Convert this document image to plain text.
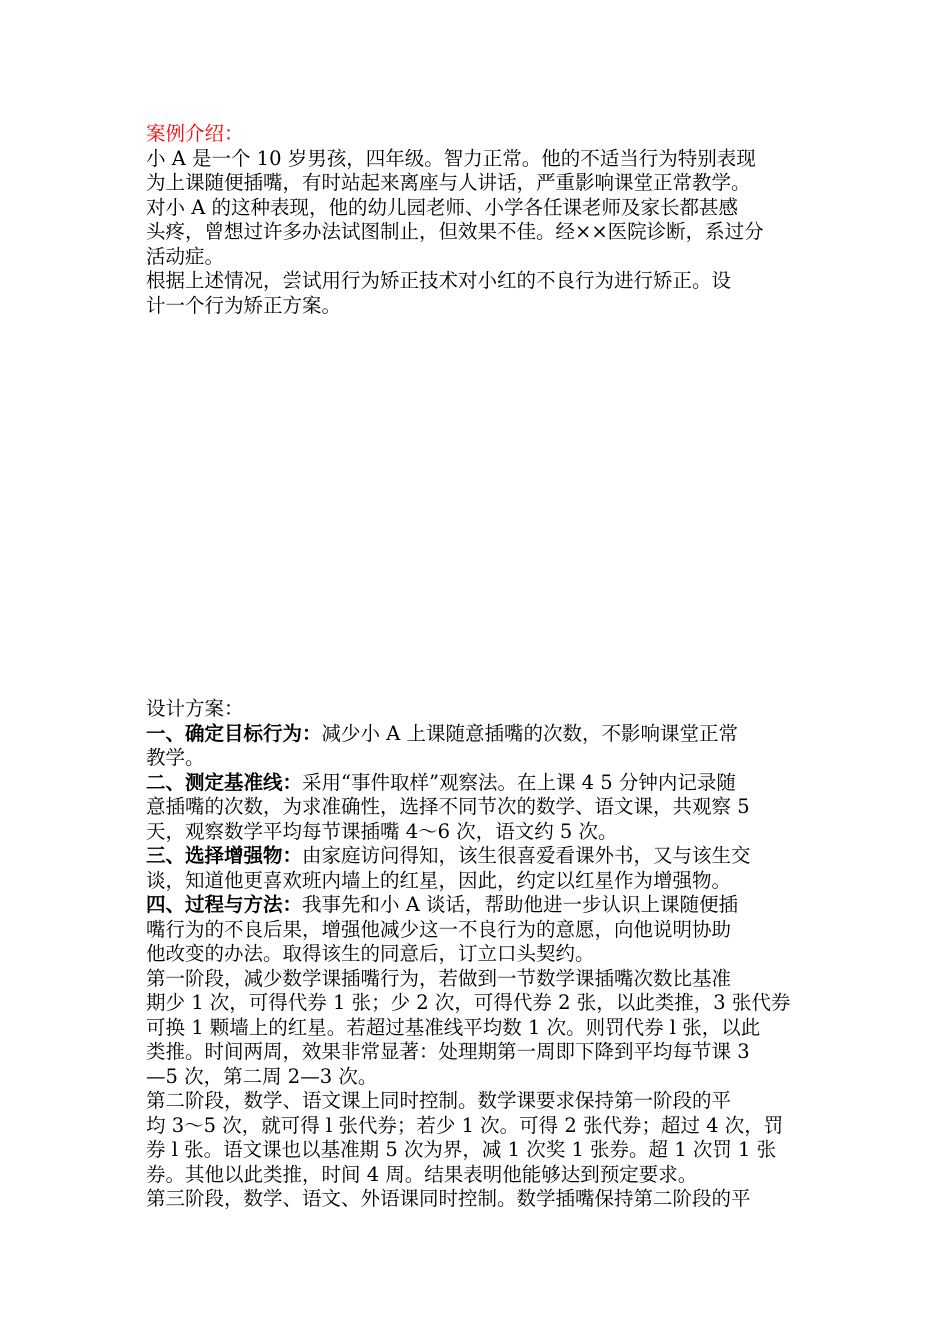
案例介绍：
小 A 是一个 10 岁男孩，四年级。智力正常。他的不适当行为特别表现
为上课随便插嘴，有时站起来离座与人讲话，严重影响课堂正常教学。
对小 A 的这种表现，他的幼儿园老师、小学各任课老师及家长都甚感
头疼，曾想过许多办法试图制止，但效果不佳。经××医院诊断，系过分
活动症。
根据上述情况，尝试用行为矫正技术对小红的不良行为进行矫正。设
计一个行为矫正方案。
设计方案：
一、确定目标行为：减少小 A 上课随意插嘴的次数，不影响课堂正常
教学。
二、测定基准线：采用“事件取样”观察法。在上课 4 5 分钟内记录随
意插嘴的次数，为求准确性，选择不同节次的数学、语文课，共观察 5
天，观察数学平均每节课插嘴 4～6 次，语文约 5 次。
三、选择增强物：由家庭访问得知，该生很喜爱看课外书，又与该生交
谈，知道他更喜欢班内墙上的红星，因此，约定以红星作为增强物。
四、过程与方法：我事先和小 A 谈话，帮助他进一步认识上课随便插
嘴行为的不良后果，增强他减少这一不良行为的意愿，向他说明协助
他改变的办法。取得该生的同意后，订立口头契约。
第一阶段，减少数学课插嘴行为，若做到一节数学课插嘴次数比基准
期少 1 次，可得代券 1 张；少 2 次，可得代券 2 张，以此类推，3 张代券
可换 1 颗墙上的红星。若超过基准线平均数 1 次。则罚代券 l 张，以此
类推。时间两周，效果非常显著：处理期第一周即下降到平均每节课 3
—5 次，第二周 2—3 次。
第二阶段，数学、语文课上同时控制。数学课要求保持第一阶段的平
均 3～5 次，就可得 l 张代券；若少 1 次。可得 2 张代券；超过 4 次，罚
券 l 张。语文课也以基准期 5 次为界，减 1 次奖 1 张券。超 1 次罚 1 张
券。其他以此类推，时间 4 周。结果表明他能够达到预定要求。
第三阶段，数学、语文、外语课同时控制。数学插嘴保持第二阶段的平
